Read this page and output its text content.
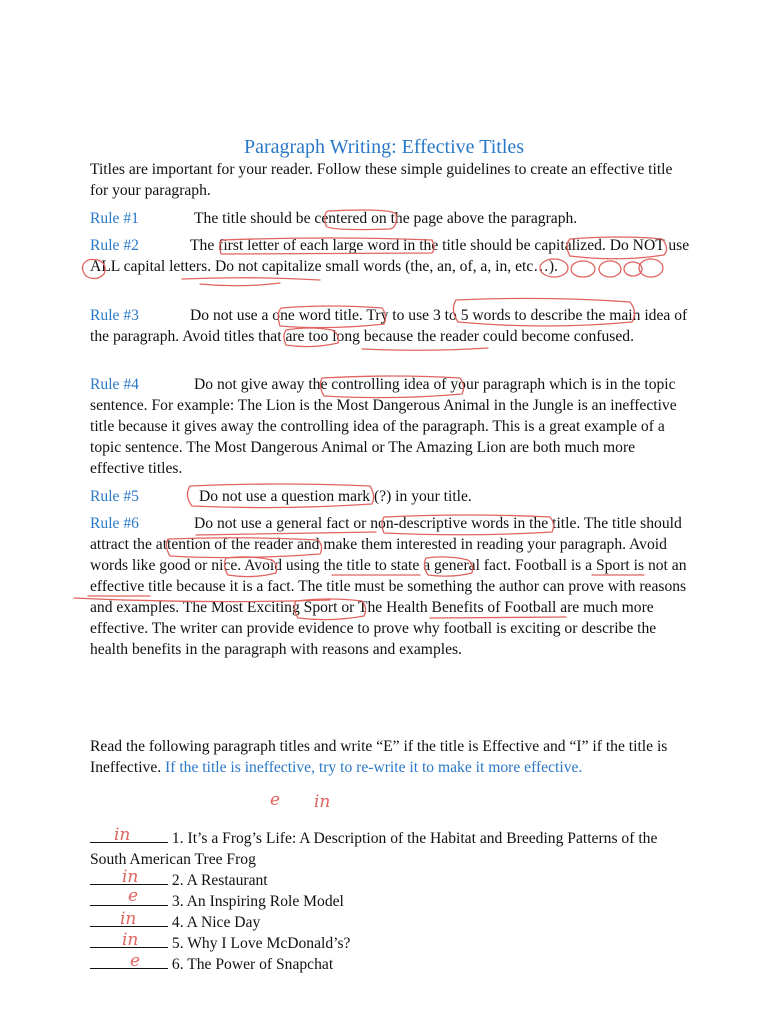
Paragraph Writing: Effective Titles
Titles are important for your reader. Follow these simple guidelines to create an effective title for your paragraph.
Rule #1	The title should be centered on the page above the paragraph.
Rule #2	The first letter of each large word in the title should be capitalized. Do NOT use ALL capital letters. Do not capitalize small words (the, an, of, a, in, etc…).
Rule #3	Do not use a one word title. Try to use 3 to 5 words to describe the main idea of the paragraph. Avoid titles that are too long because the reader could become confused.
Rule #4	Do not give away the controlling idea of your paragraph which is in the topic sentence. For example: The Lion is the Most Dangerous Animal in the Jungle is an ineffective title because it gives away the controlling idea of the paragraph. This is a great example of a topic sentence. The Most Dangerous Animal or The Amazing Lion are both much more effective titles.
Rule #5	Do not use a question mark (?) in your title.
Rule #6	Do not use a general fact or non-descriptive words in the title. The title should attract the attention of the reader and make them interested in reading your paragraph. Avoid words like good or nice. Avoid using the title to state a general fact. Football is a Sport is not an effective title because it is a fact. The title must be something the author can prove with reasons and examples. The Most Exciting Sport or The Health Benefits of Football are much more effective. The writer can provide evidence to prove why football is exciting or describe the health benefits in the paragraph with reasons and examples.
Read the following paragraph titles and write “E” if the title is Effective and “I” if the title is Ineffective. If the title is ineffective, try to re-write it to make it more effective.
e in
1. It’s a Frog’s Life: A Description of the Habitat and Breeding Patterns of the South American Tree Frog
in
2. A Restaurant
in
3. An Inspiring Role Model
e
4. A Nice Day
in
5. Why I Love McDonald’s?
in
6. The Power of Snapchat
e
